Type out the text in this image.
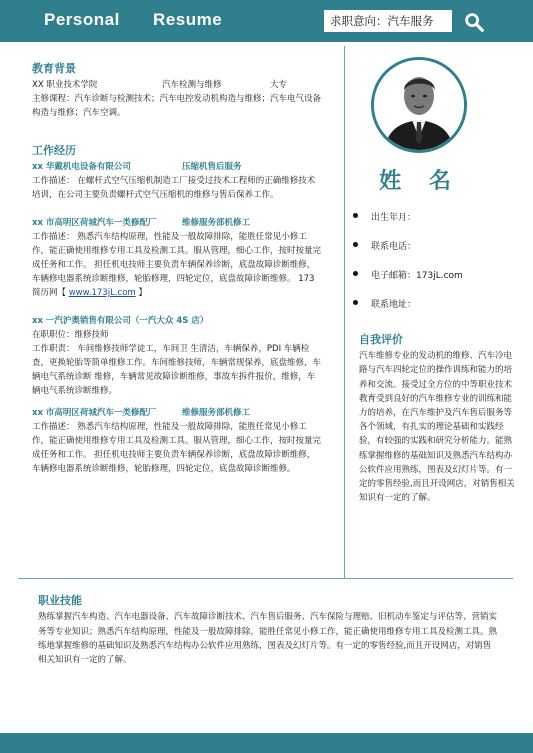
Personal Resume	求职意向：汽车服务
教育背景
XX 职业技术学院	汽车检测与维修	大专

主修课程：汽车诊断与检测技术；汽车电控发动机构造与维修；汽车电气设备构造与维修；汽车空调。

工作经历
xx 华戴机电设备有限公司	压缩机售后服务

工作描述： 在螺杆式空气压缩机制造工厂接受过技术工程师的正确维修技术培训，在公司主要负责螺杆式空气压缩机的维修与售后保养工作。

xx 市高明区荷城汽车一类修配厂	维修服务部机修工

工作描述： 熟悉汽车结构原理，性能及一般故障排除，能胜任常见小修工作，能正确使用维修专用工具及检测工具。服从管理，细心工作，按时按量完成任务和工作。 担任机电技师主要负责车辆保养诊断，底盘故障诊断维修，车辆修电器系统诊断维修，轮胎修理，四轮定位，底盘故障诊断维修。 173 简历网【 www.173jL.com 】

xx 一汽沪奥销售有限公司（一汽大众 4S 店）

在职职位：维修技师

工作职责： 车间维修技师学徒工，车间卫 生清洁，车辆保养，PDI 车辆检查，更换轮胎等简单维修工作。车间维修技师，车辆常规保养，底盘维修，车辆电气系统诊断 维修，车辆常见故障诊断维修，事故车拆件报价，维修，车辆电气系统诊断维修。

xx 市高明区荷城汽车一类修配厂	维修服务部机修工

工作描述： 熟悉汽车结构原理，性能及一般故障排除，能胜任常见小修工作，能正确使用维修专用工具及检测工具。服从管理，细心工作，按时按量完成任务和工作。 担任机电技师主要负责车辆保养诊断，底盘故障诊断维修，车辆修电器系统诊断维修，轮胎修理，四轮定位，底盘故障诊断维修。

姓 名
出生年月：
联系电话：
电子邮箱：173jL.com
联系地址：
自我评价

汽车维修专业的发动机的维修、汽车冷电路与汽车四轮定位的操作训练和能力的培养和交流。接受过全方位的中等职业技术教育受到良好的汽车维修专业的训练和能力的培养，在汽车维护及汽车售后服务等各个领域，有扎实的理论基础和实践经验，有较强的实践和研究分析能力。能熟练掌握维修的基础知识及熟悉汽车结构办公软件应用熟练，图表及幻灯片等。有一定的零售经验,而且开设网店，对销售相关知识有一定的了解。

职业技能

熟练掌握汽车构造、汽车电器设备、汽车故障诊断技术、汽车售后服务、汽车保险与理赔、旧机动车鉴定与评估等、营销实务等专业知识；熟悉汽车结构原理，性能及一般故障排除，能胜任常见小修工作，能正确使用维修专用工具及检测工具。熟练地掌握维修的基础知识及熟悉汽车结构办公软件应用熟练，图表及幻灯片等。有一定的零售经验,而且开设网店，对销售相关知识有一定的了解。
